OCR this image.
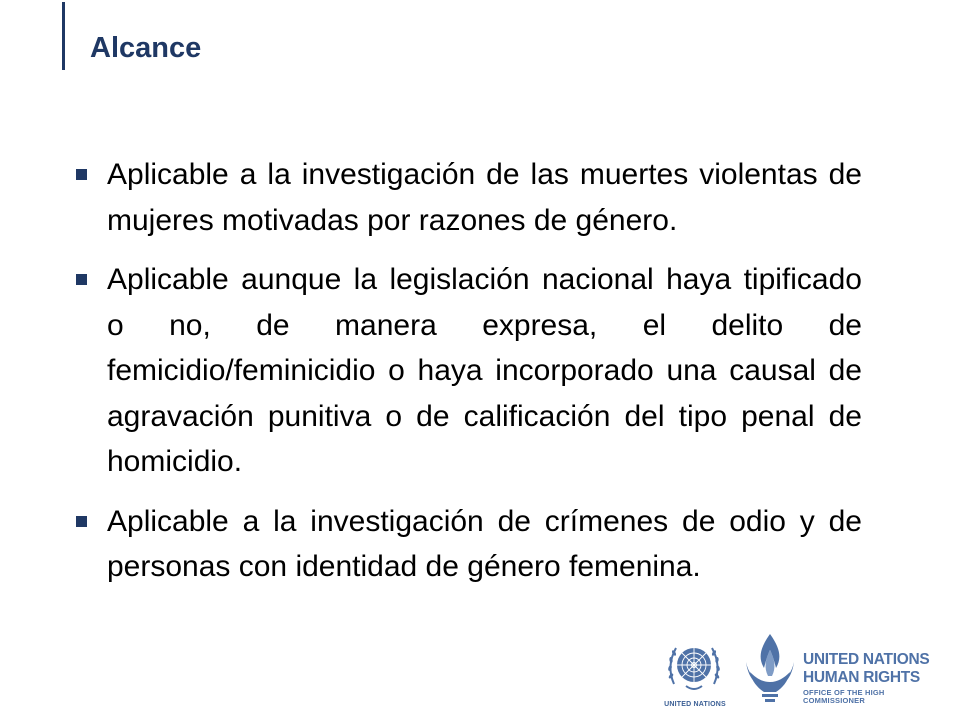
Alcance
Aplicable a la investigación de las muertes violentas de mujeres motivadas por razones de género.
Aplicable aunque la legislación nacional haya tipificado o no, de manera expresa, el delito de femicidio/feminicidio o haya incorporado una causal de agravación punitiva o de calificación del tipo penal de homicidio.
Aplicable a la investigación de crímenes de odio y de personas con identidad de género femenina.
UNITED NATIONS
UNITED NATIONS
HUMAN RIGHTS
OFFICE OF THE HIGH COMMISSIONER
